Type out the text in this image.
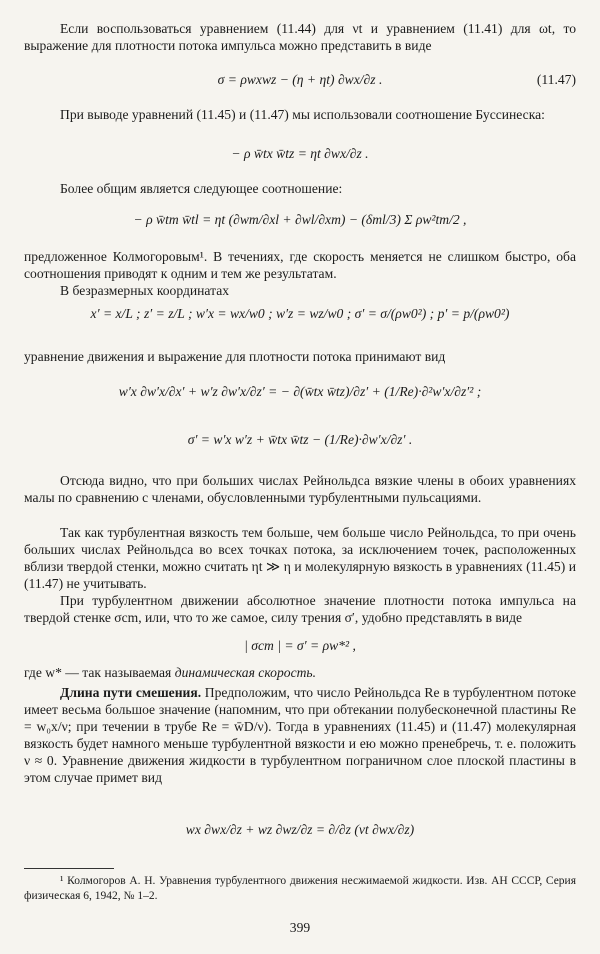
Если воспользоваться уравнением (11.44) для νt и уравнением (11.41) для ωt, то выражение для плотности потока импульса можно представить в виде
σ = ρwxwz − (η + ηt) ∂wx/∂z .	(11.47)
При выводе уравнений (11.45) и (11.47) мы использовали соотношение Буссинеска:
− ρ w̄tx w̄tz = ηt ∂wx/∂z .
Более общим является следующее соотношение:
− ρ w̄tm w̄tl = ηt (∂wm/∂xl + ∂wl/∂xm) − (δml/3) Σ ρw²tm/2 ,
предложенное Колмогоровым¹. В течениях, где скорость меняется не слишком быстро, оба соотношения приводят к одним и тем же результатам.
В безразмерных координатах
x′ = x/L ; z′ = z/L ; w′x = wx/w0 ; w′z = wz/w0 ; σ′ = σ/(ρw0²) ; p′ = p/(ρw0²)
уравнение движения и выражение для плотности потока принимают вид
w′x ∂w′x/∂x′ + w′z ∂w′x/∂z′ = − ∂(w̄tx w̄tz)/∂z′ + (1/Re)·∂²w′x/∂z′² ;
σ′ = w′x w′z + w̄tx w̄tz − (1/Re)·∂w′x/∂z′ .
Отсюда видно, что при больших числах Рейнольдса вязкие члены в обоих уравнениях малы по сравнению с членами, обусловленными турбулентными пульсациями.
Так как турбулентная вязкость тем больше, чем больше число Рейнольдса, то при очень больших числах Рейнольдса во всех точках потока, за исключением точек, расположенных вблизи твердой стенки, можно считать ηt ≫ η и молекулярную вязкость в уравнениях (11.45) и (11.47) не учитывать.
При турбулентном движении абсолютное значение плотности потока импульса на твердой стенке σcm, или, что то же самое, силу трения σ′, удобно представлять в виде
| σcm | = σ′ = ρw*² ,
где w* — так называемая динамическая скорость.
Длина пути смешения. Предположим, что число Рейнольдса Re в турбулентном потоке имеет весьма большое значение (напомним, что при обтекании полубесконечной пластины Re = w₀x/ν; при течении в трубе Re = w̄D/ν). Тогда в уравнениях (11.45) и (11.47) молекулярная вязкость будет намного меньше турбулентной вязкости и ею можно пренебречь, т. е. положить ν ≈ 0. Уравнение движения жидкости в турбулентном пограничном слое плоской пластины в этом случае примет вид
wx ∂wx/∂z + wz ∂wz/∂z = ∂/∂z (νt ∂wx/∂z)
¹ Колмогоров А. Н. Уравнения турбулентного движения несжимаемой жидкости. Изв. АН СССР, Серия физическая 6, 1942, № 1–2.
399
